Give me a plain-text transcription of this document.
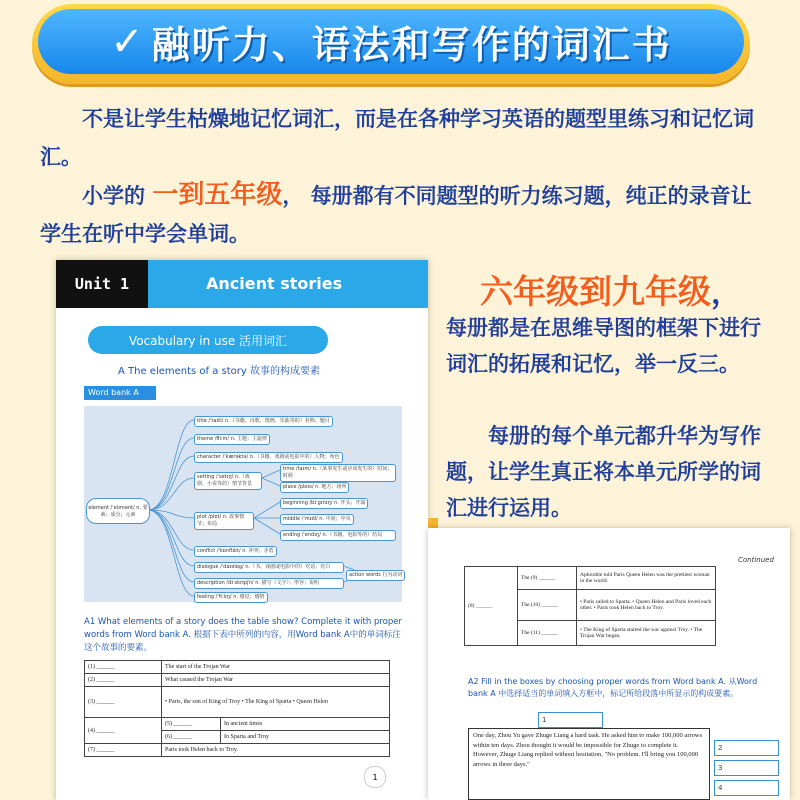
✓ 融听力、语法和写作的词汇书
不是让学生枯燥地记忆词汇，而是在各种学习英语的题型里练习和记忆词汇。
小学的 一到五年级， 每册都有不同题型的听力练习题，纯正的录音让学生在听中学会单词。
六年级到九年级，
每册都是在思维导图的框架下进行词汇的拓展和记忆，举一反三。
每册的每个单元都升华为写作题，让学生真正将本单元所学的词汇进行运用。
Unit 1	Ancient stories
Vocabulary in use 活用词汇
A The elements of a story 故事的构成要素
Word bank A
element /ˈelɪmənt/ n. 要素；成分；元素
title /ˈtaɪtl/ n.（书籍、诗歌、图画、乐曲等的）名称；题目
theme /θiːm/ n. 主题；主旋律
character /ˈkærəktə/ n.（书籍、戏剧或电影中的）人物；角色
setting /ˈsetɪŋ/ n.（戏剧、小说等的）情节背景
time /taɪm/ n.（某事发生或应该发生的）时间；时候
place /pleɪs/ n. 地方；场所
beginning /bɪˈɡɪnɪŋ/ n. 开头；开端
plot /plɒt/ n. 故事情节；布局
middle /ˈmɪdl/ n. 中间；中央
ending /ˈendɪŋ/ n.（书籍、电影等的）结局
conflict /ˈkɒnflɪkt/ n. 冲突；矛盾
dialogue /ˈdaɪəlɒɡ/ n.（书、戏剧或电影中的）对话；对白
description /dɪˈskrɪpʃn/ n. 描写（文字）；形容；说明
action words 行为动词
feeling /ˈfiːlɪŋ/ n. 感觉；感情
A1 What elements of a story does the table show? Complete it with proper words from Word bank A. 根据下表中所列的内容，用Word bank A中的单词标注这个故事的要素。
(1) ______	The start of the Trojan War	
(2) ______	What caused the Trojan War	
(3) ______	• Paris, the son of King of Troy • The King of Sparta • Queen Helen	
(4) ______	(5) ______	In ancient times
	(6) ______	In Sparta and Troy
(7) ______	Paris took Helen back to Troy.	
1
Continued
(8) ______	The (9) ______	Aphrodite told Paris Queen Helen was the prettiest woman in the world.
	The (10) ______	• Paris sailed to Sparta. • Queen Helen and Paris loved each other. • Paris took Helen back to Troy.
	The (11) ______	• The King of Sparta started the war against Troy. • The Trojan War began.
A2 Fill in the boxes by choosing proper words from Word bank A. 从Word bank A 中选择适当的单词填入方框中，标记所给段落中所显示的构成要素。
One day, Zhou Yu gave Zhuge Liang a hard task. He asked him to make 100,000 arrows within ten days. Zhou thought it would be impossible for Zhuge to complete it. However, Zhuge Liang replied without hesitation, "No problem. I'll bring you 100,000 arrows in three days."
1
2
3
4
